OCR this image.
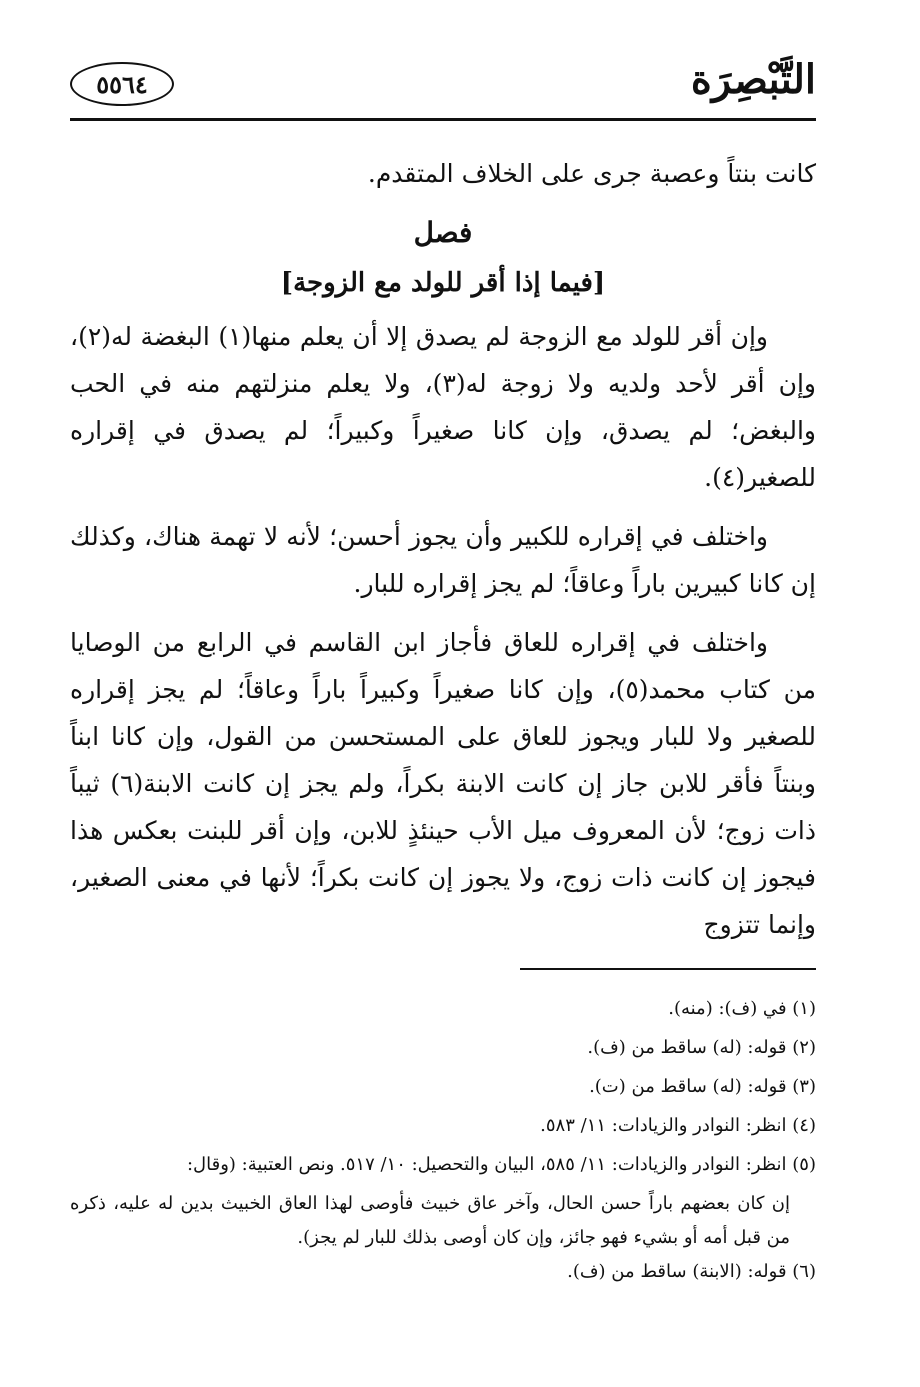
التَّبْصِرَة
٥٥٦٤

كانت بنتاً وعصبة جرى على الخلاف المتقدم.

فصل
[فيما إذا أقر للولد مع الزوجة]

وإن أقر للولد مع الزوجة لم يصدق إلا أن يعلم منها(١) البغضة له(٢)، وإن أقر لأحد ولديه ولا زوجة له(٣)، ولا يعلم منزلتهم منه في الحب والبغض؛ لم يصدق، وإن كانا صغيراً وكبيراً؛ لم يصدق في إقراره للصغير(٤).

واختلف في إقراره للكبير وأن يجوز أحسن؛ لأنه لا تهمة هناك، وكذلك إن كانا كبيرين باراً وعاقاً؛ لم يجز إقراره للبار.

واختلف في إقراره للعاق فأجاز ابن القاسم في الرابع من الوصايا من كتاب محمد(٥)، وإن كانا صغيراً وكبيراً باراً وعاقاً؛ لم يجز إقراره للصغير ولا للبار ويجوز للعاق على المستحسن من القول، وإن كانا ابناً وبنتاً فأقر للابن جاز إن كانت الابنة بكراً، ولم يجز إن كانت الابنة(٦) ثيباً ذات زوج؛ لأن المعروف ميل الأب حينئذٍ للابن، وإن أقر للبنت بعكس هذا فيجوز إن كانت ذات زوج، ولا يجوز إن كانت بكراً؛ لأنها في معنى الصغير، وإنما تتزوج

(١) في (ف): (منه).

(٢) قوله: (له) ساقط من (ف).

(٣) قوله: (له) ساقط من (ت).

(٤) انظر: النوادر والزيادات: ١١/ ٥٨٣.

(٥) انظر: النوادر والزيادات: ١١/ ٥٨٥، البيان والتحصيل: ١٠/ ٥١٧. ونص العتبية: (وقال:

إن كان بعضهم باراً حسن الحال، وآخر عاق خبيث فأوصى لهذا العاق الخبيث بدين له عليه، ذكره من قبل أمه أو بشيء فهو جائز، وإن كان أوصى بذلك للبار لم يجز).

(٦) قوله: (الابنة) ساقط من (ف).
